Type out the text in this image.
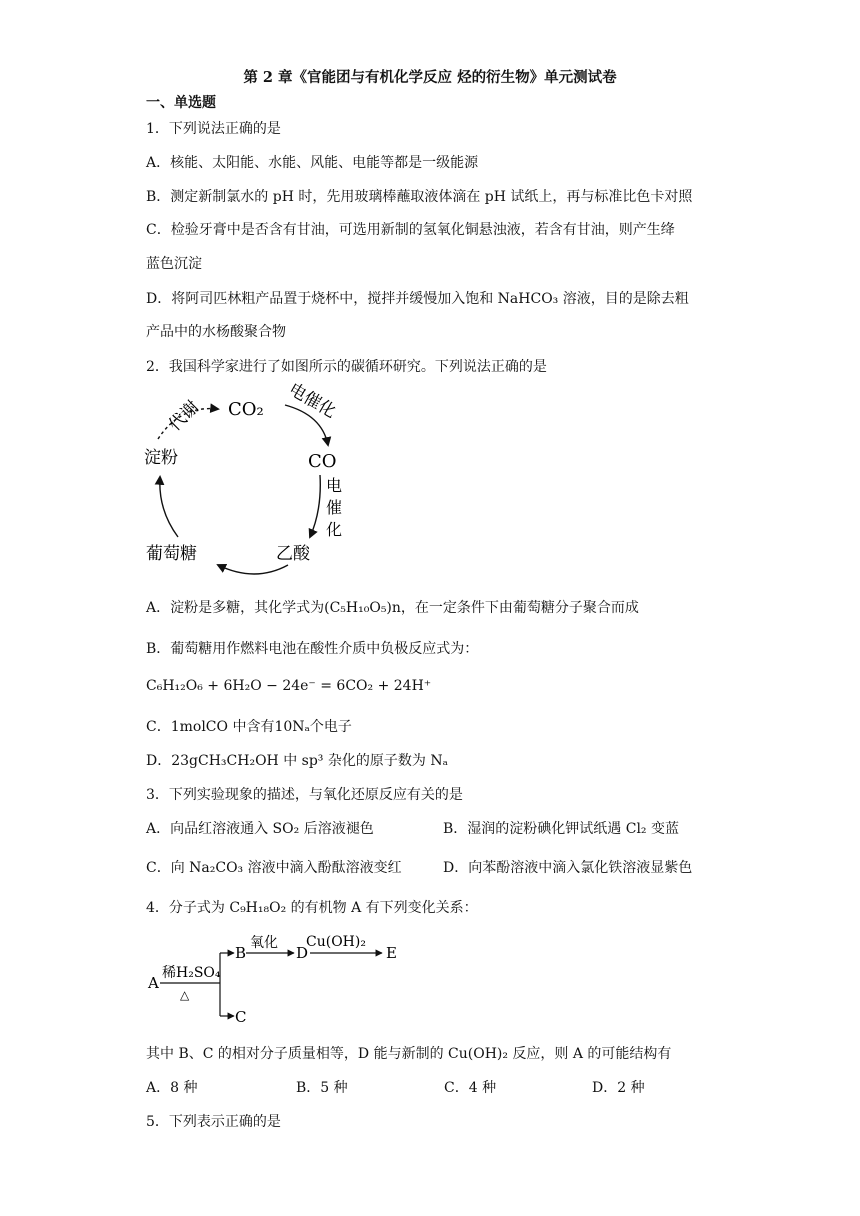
第 2 章《官能团与有机化学反应 烃的衍生物》单元测试卷
一、单选题
1．下列说法正确的是
A．核能、太阳能、水能、风能、电能等都是一级能源
B．测定新制氯水的 pH 时，先用玻璃棒蘸取液体滴在 pH 试纸上，再与标准比色卡对照
C．检验牙膏中是否含有甘油，可选用新制的氢氧化铜悬浊液，若含有甘油，则产生绛
蓝色沉淀
D．将阿司匹林粗产品置于烧杯中，搅拌并缓慢加入饱和 NaHCO₃ 溶液，目的是除去粗
产品中的水杨酸聚合物
2．我国科学家进行了如图所示的碳循环研究。下列说法正确的是
代谢 CO₂ 电催化
CO
电
催
化
乙酸
葡萄糖
淀粉
A．淀粉是多糖，其化学式为(C₅H₁₀O₅)n，在一定条件下由葡萄糖分子聚合而成
B．葡萄糖用作燃料电池在酸性介质中负极反应式为：
C₆H₁₂O₆ + 6H₂O − 24e⁻ = 6CO₂ + 24H⁺
C．1molCO 中含有10Nₐ个电子
D．23gCH₃CH₂OH 中 sp³ 杂化的原子数为 Nₐ
3．下列实验现象的描述，与氧化还原反应有关的是
A．向品红溶液通入 SO₂ 后溶液褪色	B．湿润的淀粉碘化钾试纸遇 Cl₂ 变蓝
C．向 Na₂CO₃ 溶液中滴入酚酞溶液变红	D．向苯酚溶液中滴入氯化铁溶液显紫色
4．分子式为 C₉H₁₈O₂ 的有机物 A 有下列变化关系：
A
稀H₂SO₄
△
B
C
氧化
D
Cu(OH)₂
E
其中 B、C 的相对分子质量相等，D 能与新制的 Cu(OH)₂ 反应，则 A 的可能结构有
A．8 种	B．5 种	C．4 种	D．2 种
5．下列表示正确的是
